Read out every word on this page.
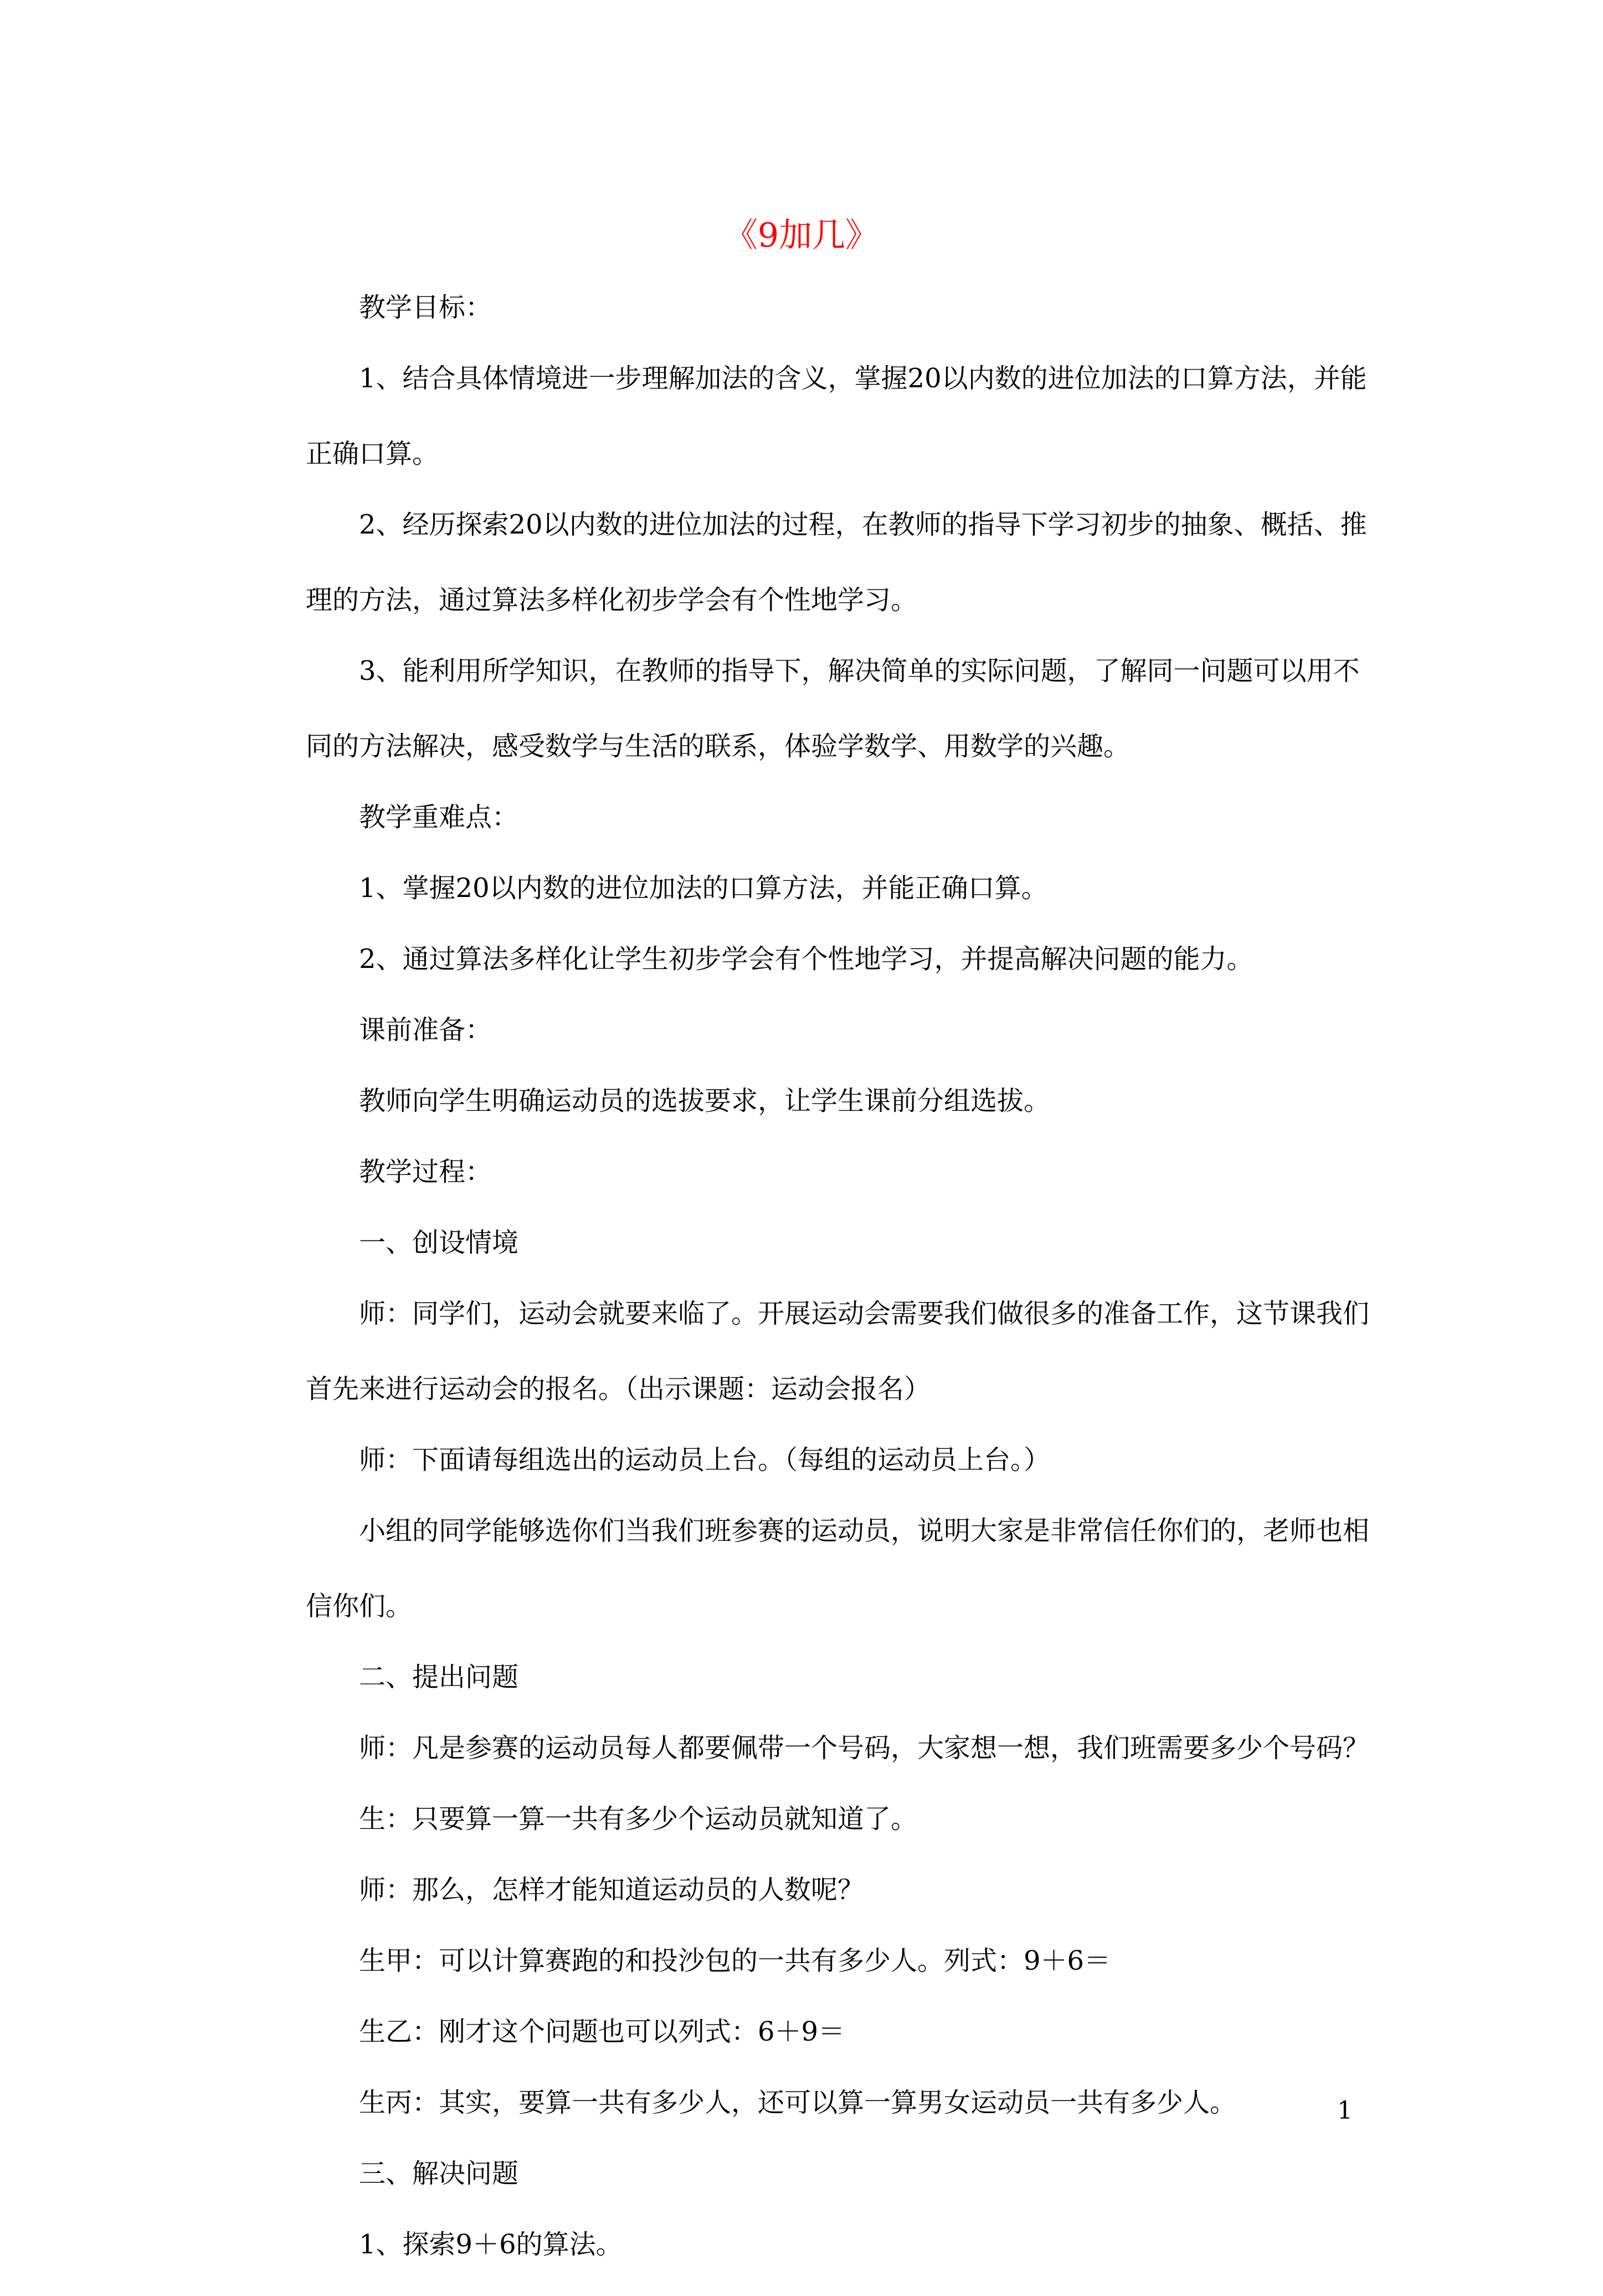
《9加几》

教学目标：

1、结合具体情境进一步理解加法的含义，掌握20以内数的进位加法的口算方法，并能
正确口算。

2、经历探索20以内数的进位加法的过程，在教师的指导下学习初步的抽象、概括、推
理的方法，通过算法多样化初步学会有个性地学习。

3、能利用所学知识，在教师的指导下，解决简单的实际问题，了解同一问题可以用不
同的方法解决，感受数学与生活的联系，体验学数学、用数学的兴趣。

教学重难点：

1、掌握20以内数的进位加法的口算方法，并能正确口算。

2、通过算法多样化让学生初步学会有个性地学习，并提高解决问题的能力。

课前准备：

教师向学生明确运动员的选拔要求，让学生课前分组选拔。

教学过程：

一、创设情境

师：同学们，运动会就要来临了。开展运动会需要我们做很多的准备工作，这节课我们
首先来进行运动会的报名。（出示课题：运动会报名）

师：下面请每组选出的运动员上台。（每组的运动员上台。）

小组的同学能够选你们当我们班参赛的运动员，说明大家是非常信任你们的，老师也相
信你们。

二、提出问题

师：凡是参赛的运动员每人都要佩带一个号码，大家想一想，我们班需要多少个号码？

生：只要算一算一共有多少个运动员就知道了。

师：那么，怎样才能知道运动员的人数呢？

生甲：可以计算赛跑的和投沙包的一共有多少人。列式：9＋6＝

生乙：刚才这个问题也可以列式：6＋9＝

生丙：其实，要算一共有多少人，还可以算一算男女运动员一共有多少人。

三、解决问题

1、探索9＋6的算法。

1
